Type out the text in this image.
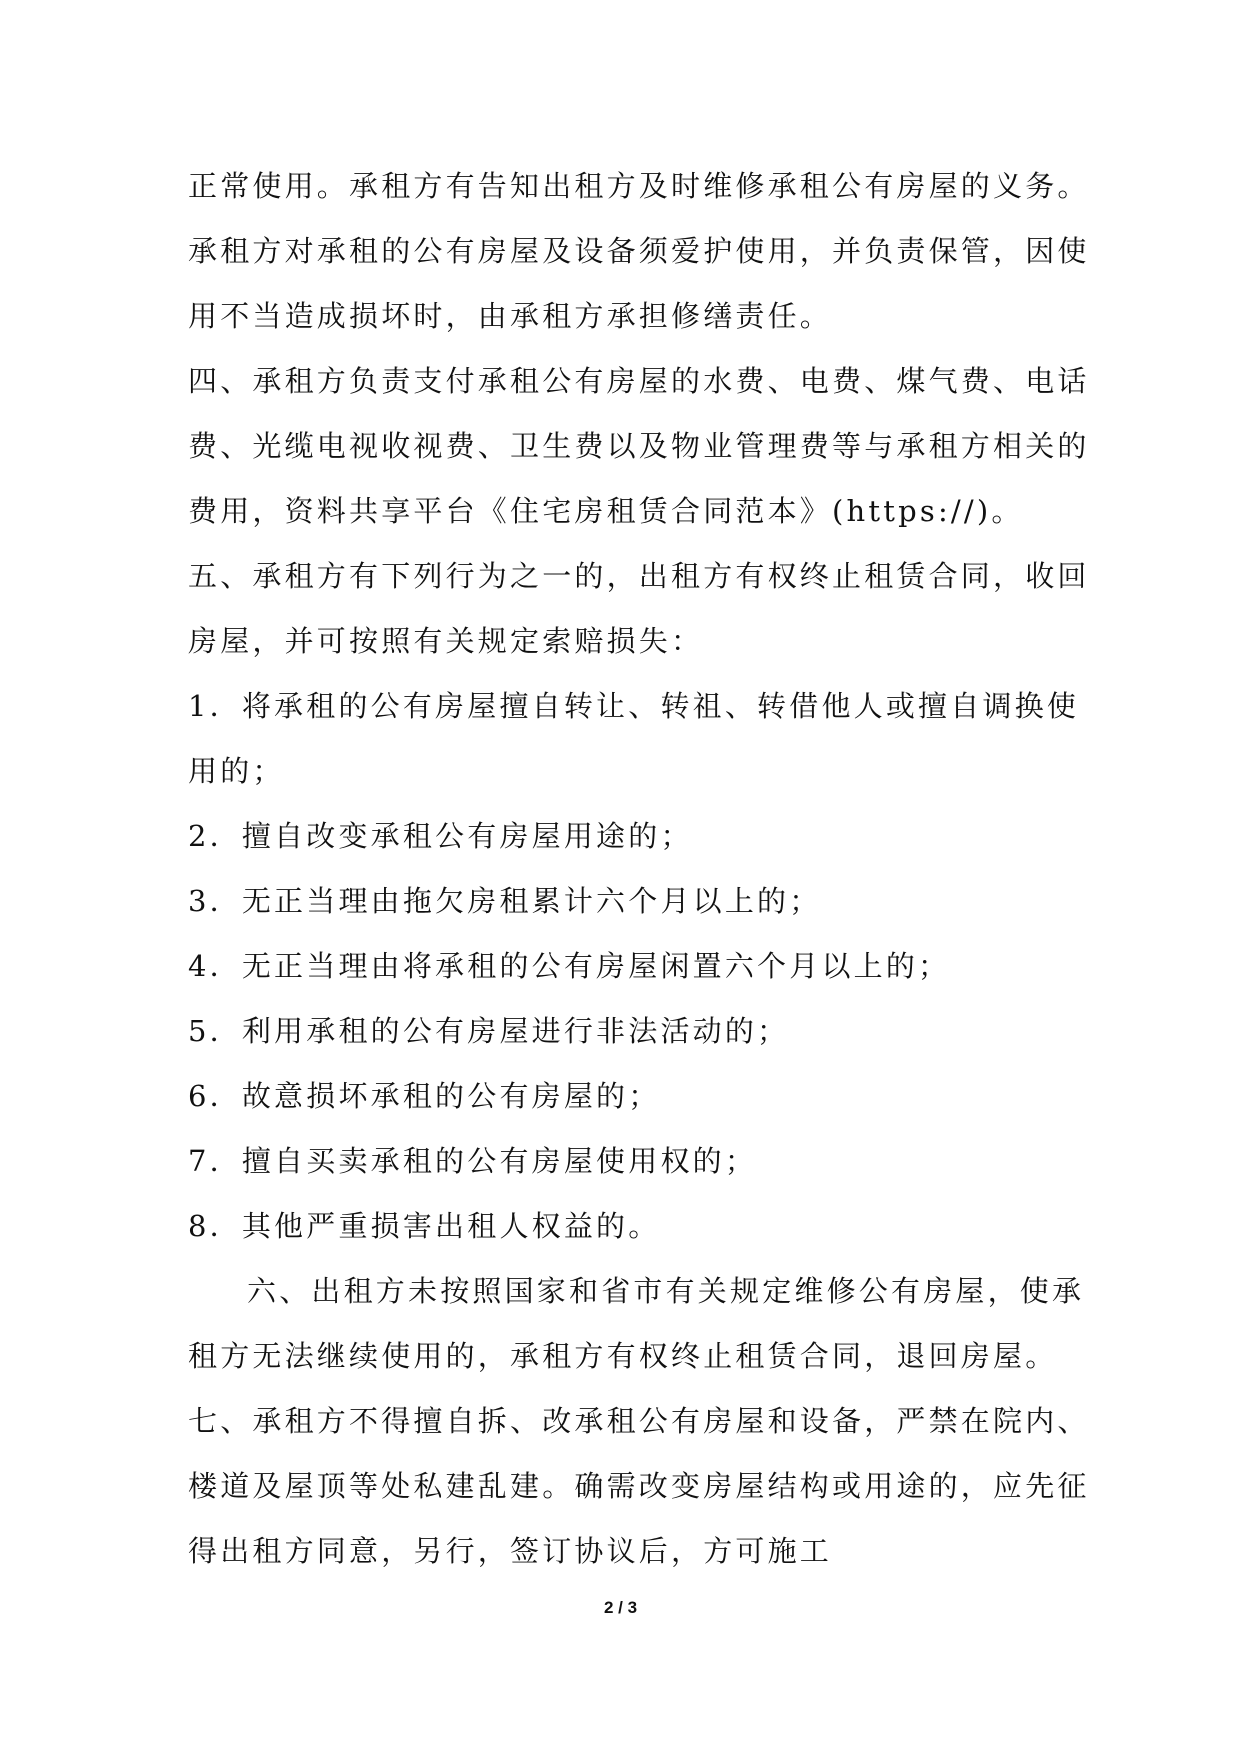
正常使用。承租方有告知出租方及时维修承租公有房屋的义务。
承租方对承租的公有房屋及设备须爱护使用，并负责保管，因使
用不当造成损坏时，由承租方承担修缮责任。
四、承租方负责支付承租公有房屋的水费、电费、煤气费、电话
费、光缆电视收视费、卫生费以及物业管理费等与承租方相关的
费用，资料共享平台《住宅房租赁合同范本》(https://)。
五、承租方有下列行为之一的，出租方有权终止租赁合同，收回
房屋，并可按照有关规定索赔损失：
1．将承租的公有房屋擅自转让、转祖、转借他人或擅自调换使
用的；
2．擅自改变承租公有房屋用途的；
3．无正当理由拖欠房租累计六个月以上的；
4．无正当理由将承租的公有房屋闲置六个月以上的；
5．利用承租的公有房屋进行非法活动的；
6．故意损坏承租的公有房屋的；
7．擅自买卖承租的公有房屋使用权的；
8．其他严重损害出租人权益的。
六、出租方未按照国家和省市有关规定维修公有房屋，使承
租方无法继续使用的，承租方有权终止租赁合同，退回房屋。
七、承租方不得擅自拆、改承租公有房屋和设备，严禁在院内、
楼道及屋顶等处私建乱建。确需改变房屋结构或用途的，应先征
得出租方同意，另行，签订协议后，方可施工
2 / 3
